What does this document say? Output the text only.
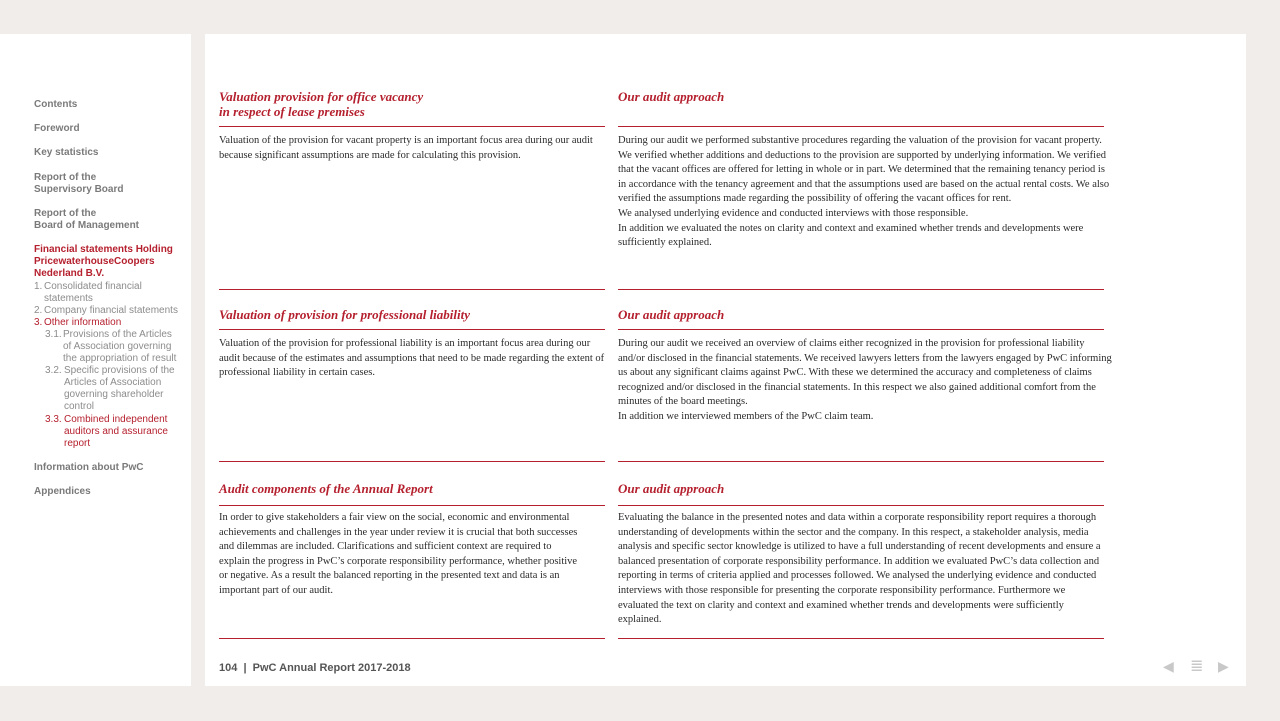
Contents
Foreword
Key statistics
Report of the
Supervisory Board
Report of the
Board of Management
Financial statements Holding
PricewaterhouseCoopers
Nederland B.V.
1. Consolidated financial statements
2. Company financial statements
3. Other information
3.1. Provisions of the Articles of Association governing the appropriation of result
3.2. Specific provisions of the Articles of Association governing shareholder control
3.3. Combined independent auditors and assurance report
Information about PwC
Appendices
Valuation provision for office vacancy
in respect of lease premises
Our audit approach

Valuation of the provision for vacant property is an important focus area during our audit because significant assumptions are made for calculating this provision.

During our audit we performed substantive procedures regarding the valuation of the provision for vacant property. We verified whether additions and deductions to the provision are supported by underlying information. We verified that the vacant offices are offered for letting in whole or in part. We determined that the remaining tenancy period is in accordance with the tenancy agreement and that the assumptions used are based on the actual rental costs. We also verified the assumptions made regarding the possibility of offering the vacant offices for rent.

We analysed underlying evidence and conducted interviews with those responsible.

In addition we evaluated the notes on clarity and context and examined whether trends and developments were sufficiently explained.

Valuation of provision for professional liability	Our audit approach

Valuation of the provision for professional liability is an important focus area during our audit because of the estimates and assumptions that need to be made regarding the extent of professional liability in certain cases.

During our audit we received an overview of claims either recognized in the provision for professional liability and/or disclosed in the financial statements. We received lawyers letters from the lawyers engaged by PwC informing us about any significant claims against PwC. With these we determined the accuracy and completeness of claims recognized and/or disclosed in the financial statements. In this respect we also gained additional comfort from the minutes of the board meetings.

In addition we interviewed members of the PwC claim team.

Audit components of the Annual Report	Our audit approach

In order to give stakeholders a fair view on the social, economic and environmental achievements and challenges in the year under review it is crucial that both successes and dilemmas are included. Clarifications and sufficient context are required to explain the progress in PwC’s corporate responsibility performance, whether positive or negative. As a result the balanced reporting in the presented text and data is an important part of our audit.

Evaluating the balance in the presented notes and data within a corporate responsibility report requires a thorough understanding of developments within the sector and the company. In this respect, a stakeholder analysis, media analysis and specific sector knowledge is utilized to have a full understanding of recent developments and ensure a balanced presentation of corporate responsibility performance. In addition we evaluated PwC’s data collection and reporting in terms of criteria applied and processes followed. We analysed the underlying evidence and conducted interviews with those responsible for presenting the corporate responsibility performance. Furthermore we evaluated the text on clarity and context and examined whether trends and developments were sufficiently explained.

104  |  PwC Annual Report 2017-2018	◀ ≣ ▶
